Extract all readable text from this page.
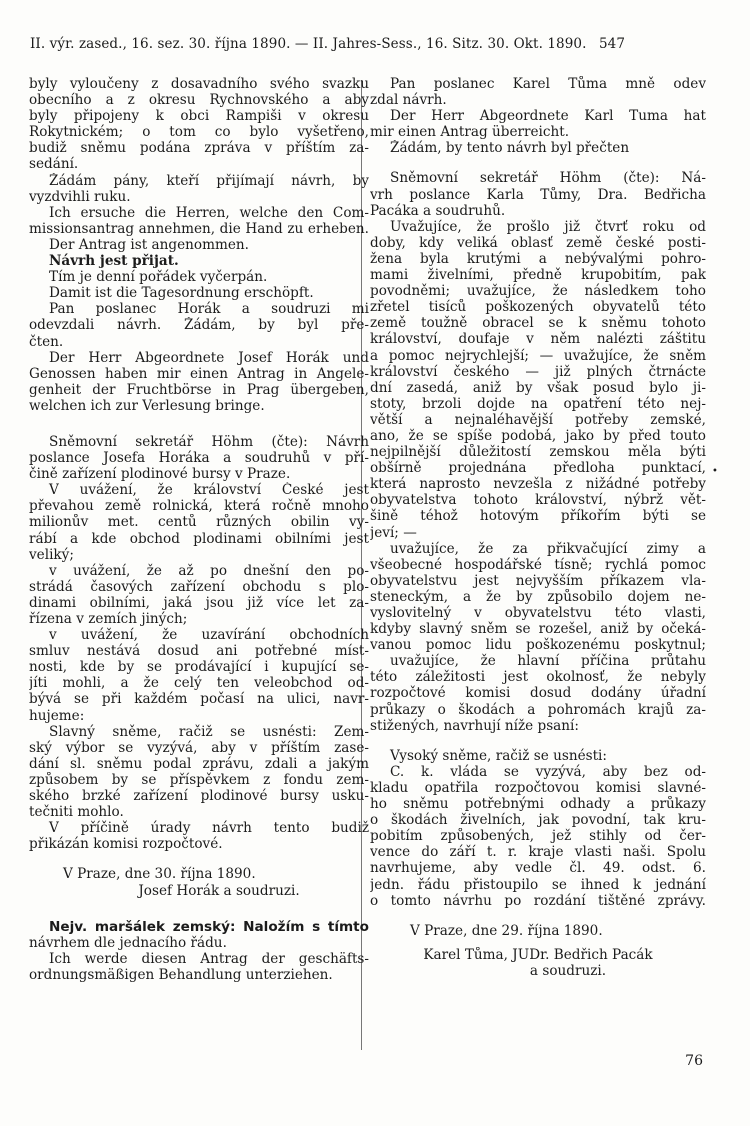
II. výr. zased., 16. sez. 30. října 1890. — II. Jahres-Sess., 16. Sitz. 30. Okt. 1890. 547
byly vyloučeny z dosavadního svého svazku
obecního a z okresu Rychnovského a aby
byly připojeny k obci Rampiši v okresu
Rokytnickém; o tom co bylo vyšetřeno,
budiž sněmu podána zpráva v příštím za-
sedání.
Žádám pány, kteří přijímají návrh, by
vyzdvihli ruku.
Ich ersuche die Herren, welche den Com-
missionsantrag annehmen, die Hand zu erheben.
Der Antrag ist angenommen.
Návrh jest přijat.
Tím je denní pořádek vyčerpán.
Damit ist die Tagesordnung erschöpft.
Pan poslanec Horák a soudruzi mi
odevzdali návrh. Žádám, by byl pře-
čten.
Der Herr Abgeordnete Josef Horák und
Genossen haben mir einen Antrag in Angele-
genheit der Fruchtbörse in Prag übergeben,
welchen ich zur Verlesung bringe.
Sněmovní sekretář Höhm (čte): Návrh
poslance Josefa Horáka a soudruhů v pří-
čině zařízení plodinové bursy v Praze.
V uvážení, že království České jest
převahou země rolnická, která ročně mnoho
milionův met. centů různých obilin vy-
rábí a kde obchod plodinami obilními jest
veliký;
v uvážení, že až po dnešní den po-
strádá časových zařízení obchodu s plo-
dinami obilními, jaká jsou již více let za-
řízena v zemích jiných;
v uvážení, že uzavírání obchodních
smluv nestává dosud ani potřebné míst-
nosti, kde by se prodávající i kupující se-
jíti mohli, a že celý ten veleobchod od-
bývá se při každém počasí na ulici, navr-
hujeme:
Slavný sněme, račiž se usnésti: Zem-
ský výbor se vyzývá, aby v příštím zase-
dání sl. sněmu podal zprávu, zdali a jakým
způsobem by se příspěvkem z fondu zem-
ského brzké zařízení plodinové bursy usku-
tečniti mohlo.
V příčině úrady návrh tento budiž
přikázán komisi rozpočtové.
V Praze, dne 30. října 1890.
Josef Horák a soudruzi.
Nejv. maršálek zemský: Naložím s tímto
návrhem dle jednacího řádu.
Ich werde diesen Antrag der geschäfts-
ordnungsmäßigen Behandlung unterziehen.
Pan poslanec Karel Tůma mně odev
zdal návrh.
Der Herr Abgeordnete Karl Tuma hat
mir einen Antrag überreicht.
Žádám, by tento návrh byl přečten
Sněmovní sekretář Höhm (čte): Ná-
vrh poslance Karla Tůmy, Dra. Bedřicha
Pacáka a soudruhů.
Uvažujíce, že prošlo již čtvrť roku od
doby, kdy veliká oblasť země české posti-
žena byla krutými a nebývalými pohro-
mami živelními, předně krupobitím, pak
povodněmi; uvažujíce, že následkem toho
zřetel tisíců poškozených obyvatelů této
země toužně obracel se k sněmu tohoto
království, doufaje v něm nalézti záštitu
a pomoc nejrychlejší; — uvažujíce, že sněm
království českého — již plných čtrnácte
dní zasedá, aniž by však posud bylo ji-
stoty, brzoli dojde na opatření této nej-
větší a nejnaléhavější potřeby zemské,
ano, že se spíše podobá, jako by před touto
nejpilnější důležitostí zemskou měla býti
obšírně projednána předloha punktací,
která naprosto nevzešla z nižádné potřeby
obyvatelstva tohoto království, nýbrž vět-
šině téhož hotovým příkořím býti se
jeví; —
uvažujíce, že za přikvačující zimy a
všeobecné hospodářské tísně; rychlá pomoc
obyvatelstvu jest nejvyšším příkazem vla-
steneckým, a že by způsobilo dojem ne-
vyslovitelný v obyvatelstvu této vlasti,
kdyby slavný sněm se rozešel, aniž by očeká-
vanou pomoc lidu poškozenému poskytnul;
uvažujíce, že hlavní příčina průtahu
této záležitosti jest okolnosť, že nebyly
rozpočtové komisi dosud dodány úřadní
průkazy o škodách a pohromách krajů za-
stižených, navrhují níže psaní:
Vysoký sněme, račiž se usnésti:
C. k. vláda se vyzývá, aby bez od-
kladu opatřila rozpočtovou komisi slavné-
ho sněmu potřebnými odhady a průkazy
o škodách živelních, jak povodní, tak kru-
pobitím způsobených, jež stihly od čer-
vence do září t. r. kraje vlasti naši. Spolu
navrhujeme, aby vedle čl. 49. odst. 6.
jedn. řádu přistoupilo se ihned k jednání
o tomto návrhu po rozdání tištěné zprávy.
V Praze, dne 29. října 1890.
Karel Tůma, JUDr. Bedřich Pacák
a soudruzi.
•
76
